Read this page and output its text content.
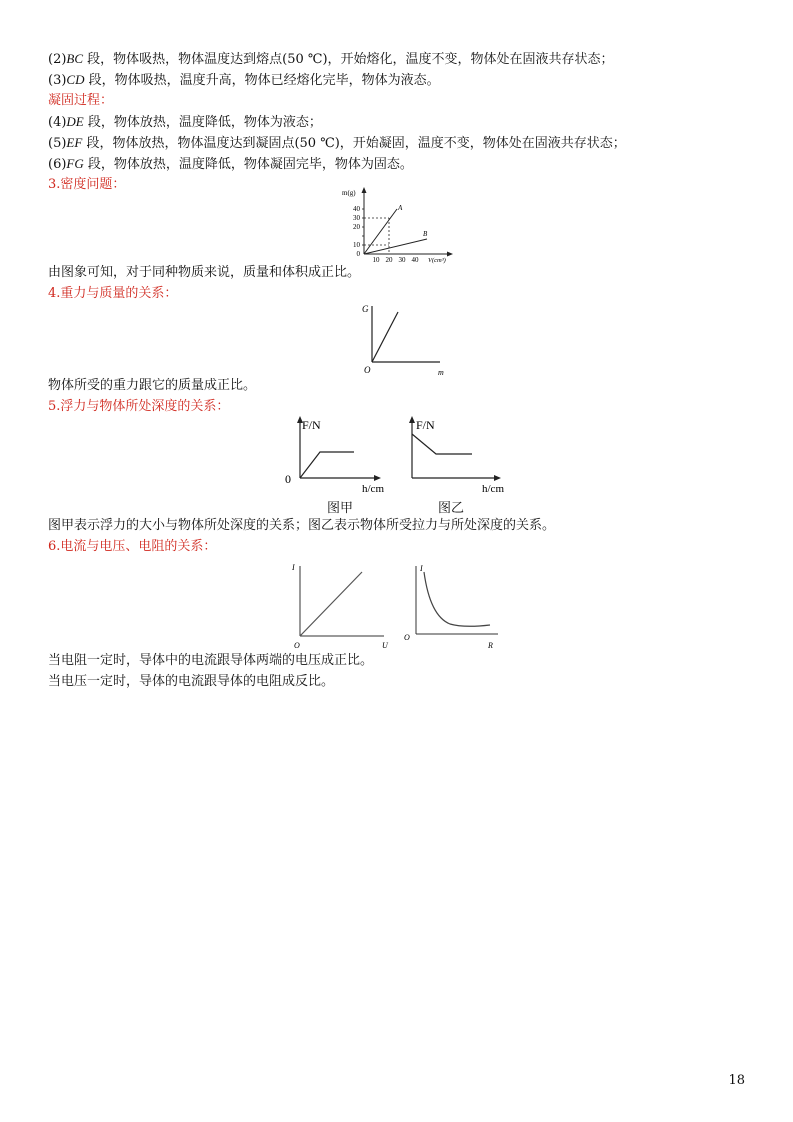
(2)BC 段，物体吸热，物体温度达到熔点(50 ℃)，开始熔化，温度不变，物体处在固液共存状态；
(3)CD 段，物体吸热，温度升高，物体已经熔化完毕，物体为液态。
凝固过程：
(4)DE 段，物体放热，温度降低，物体为液态；
(5)EF 段，物体放热，物体温度达到凝固点(50 ℃)，开始凝固，温度不变，物体处在固液共存状态；
(6)FG 段，物体放热，温度降低，物体凝固完毕，物体为固态。
3.密度问题：
m(g)
V(cm³)
40
30
20
10
0
10 20 30 40
A
B
由图象可知，对于同种物质来说，质量和体积成正比。
4.重力与质量的关系：
G
m
O
物体所受的重力跟它的质量成正比。
5.浮力与物体所处深度的关系：
F/N
h/cm
0
F/N
h/cm
图甲	图乙
图甲表示浮力的大小与物体所处深度的关系；图乙表示物体所受拉力与所处深度的关系。
6.电流与电压、电阻的关系：
I
U
O
I
R
O
当电阻一定时，导体中的电流跟导体两端的电压成正比。
当电压一定时，导体的电流跟导体的电阻成反比。
18
